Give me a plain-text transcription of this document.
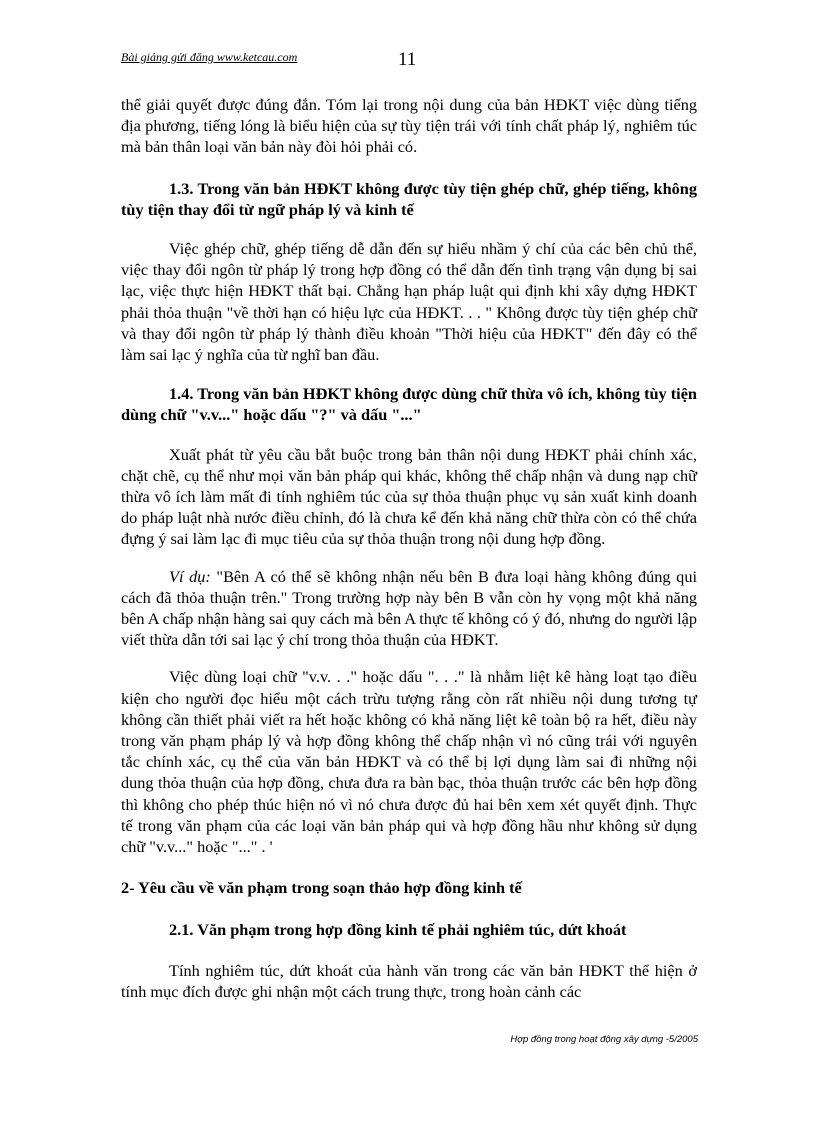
Bài giảng gửi đăng www.ketcau.com	11

thể giải quyết được đúng đắn. Tóm lại trong nội dung của bản HĐKT việc dùng tiếng địa phương, tiếng lóng là biểu hiện của sự tùy tiện trái với tính chất pháp lý, nghiêm túc mà bản thân loại văn bản này đòi hỏi phải có.

1.3. Trong văn bản HĐKT không được tùy tiện ghép chữ, ghép tiếng, không tùy tiện thay đổi từ ngữ pháp lý và kinh tế

Việc ghép chữ, ghép tiếng dễ dẫn đến sự hiểu nhầm ý chí của các bên chủ thể, việc thay đổi ngôn từ pháp lý trong hợp đồng có thể dẫn đến tình trạng vận dụng bị sai lạc, việc thực hiện HĐKT thất bại. Chẳng hạn pháp luật qui định khi xây dựng HĐKT phải thỏa thuận "về thời hạn có hiệu lực của HĐKT. . . " Không được tùy tiện ghép chữ và thay đổi ngôn từ pháp lý thành điều khoản "Thời hiệu của HĐKT" đến đây có thể làm sai lạc ý nghĩa của từ nghĩ ban đầu.

1.4. Trong văn bản HĐKT không được dùng chữ thừa vô ích, không tùy tiện dùng chữ "v.v..." hoặc dấu "?" và dấu "..."

Xuất phát từ yêu cầu bắt buộc trong bản thân nội dung HĐKT phải chính xác, chặt chẽ, cụ thể như mọi văn bản pháp qui khác, không thể chấp nhận và dung nạp chữ thừa vô ích làm mất đi tính nghiêm túc của sự thỏa thuận phục vụ sản xuất kinh doanh do pháp luật nhà nước điều chỉnh, đó là chưa kể đến khả năng chữ thừa còn có thể chứa đựng ý sai làm lạc đi mục tiêu của sự thỏa thuận trong nội dung hợp đồng.

Ví dụ: "Bên A có thể sẽ không nhận nếu bên B đưa loại hàng không đúng qui cách đã thỏa thuận trên." Trong trường hợp này bên B vẫn còn hy vọng một khả năng bên A chấp nhận hàng sai quy cách mà bên A thực tế không có ý đó, nhưng do người lập viết thừa dẫn tới sai lạc ý chí trong thỏa thuận của HĐKT.

Việc dùng loại chữ "v.v. . ." hoặc dấu ". . ." là nhằm liệt kê hàng loạt tạo điều kiện cho người đọc hiểu một cách trừu tượng rằng còn rất nhiều nội dung tương tự không cần thiết phải viết ra hết hoặc không có khả năng liệt kê toàn bộ ra hết, điều này trong văn phạm pháp lý và hợp đồng không thể chấp nhận vì nó cũng trái với nguyên tắc chính xác, cụ thể của văn bản HĐKT và có thể bị lợi dụng làm sai đi những nội dung thỏa thuận của hợp đồng, chưa đưa ra bàn bạc, thỏa thuận trước các bên hợp đồng thì không cho phép thúc hiện nó vì nó chưa được đủ hai bên xem xét quyết định. Thực tế trong văn phạm của các loại văn bản pháp qui và hợp đồng hầu như không sử dụng chữ "v.v..." hoặc "..." . '

2- Yêu cầu về văn phạm trong soạn thảo hợp đồng kinh tế

2.1. Văn phạm trong hợp đồng kinh tế phải nghiêm túc, dứt khoát

Tính nghiêm túc, dứt khoát của hành văn trong các văn bản HĐKT thể hiện ở tính mục đích được ghi nhận một cách trung thực, trong hoàn cảnh các

Hợp đồng trong hoạt động xây dựng -5/2005
